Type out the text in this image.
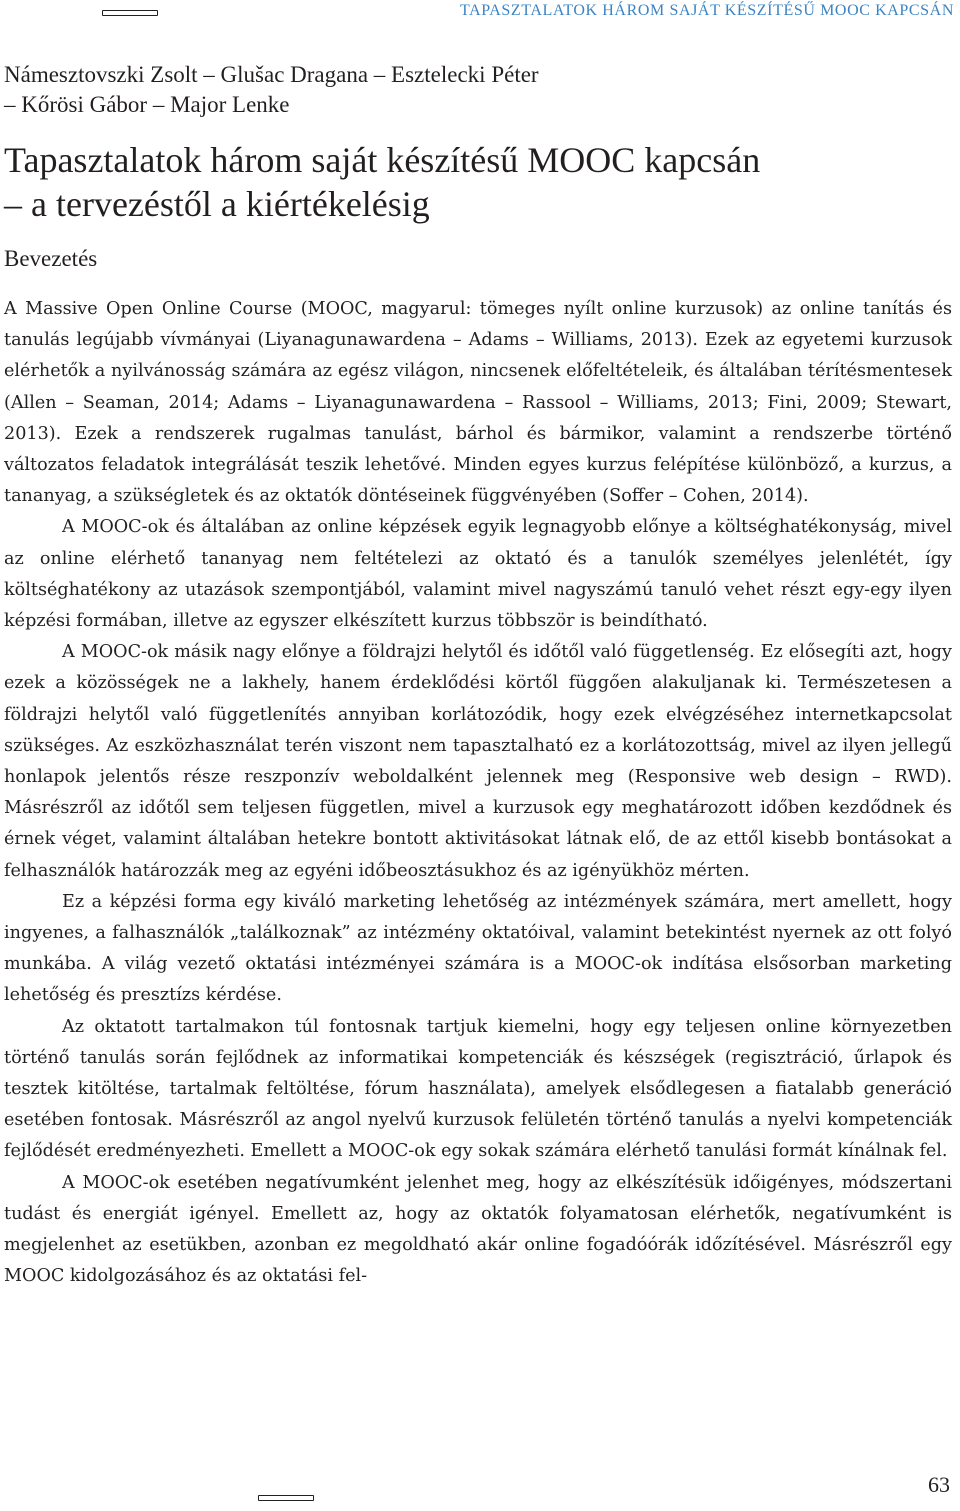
TAPASZTALATOK HÁROM SAJÁT KÉSZÍTÉSŰ MOOC KAPCSÁN
Námesztovszki Zsolt – Glušac Dragana – Esztelecki Péter
– Kőrösi Gábor – Major Lenke
Tapasztalatok három saját készítésű MOOC kapcsán
– a tervezéstől a kiértékelésig
Bevezetés

A Massive Open Online Course (MOOC, magyarul: tömeges nyílt online kurzusok) az online tanítás és tanulás legújabb vívmányai (Liyanagunawardena – Adams – Williams, 2013). Ezek az egyetemi kurzusok elérhetők a nyilvánosság számára az egész világon, nincsenek előfeltételeik, és általában térítésmentesek (Allen – Seaman, 2014; Adams – Liyanagunawardena – Rassool – Williams, 2013; Fini, 2009; Stewart, 2013). Ezek a rendszerek rugalmas tanulást, bárhol és bármikor, valamint a rendszerbe történő változatos feladatok integrálását teszik lehetővé. Minden egyes kurzus felépítése különböző, a kurzus, a tananyag, a szükségletek és az oktatók döntéseinek függvényében (Soffer – Cohen, 2014).

A MOOC-ok és általában az online képzések egyik legnagyobb előnye a költséghatékonyság, mivel az online elérhető tananyag nem feltételezi az oktató és a tanulók személyes jelenlétét, így költséghatékony az utazások szempontjából, valamint mivel nagyszámú tanuló vehet részt egy-egy ilyen képzési formában, illetve az egyszer elkészített kurzus többször is beindítható.

A MOOC-ok másik nagy előnye a földrajzi helytől és időtől való függetlenség. Ez elősegíti azt, hogy ezek a közösségek ne a lakhely, hanem érdeklődési körtől függően alakuljanak ki. Természetesen a földrajzi helytől való függetlenítés annyiban korlátozódik, hogy ezek elvégzéséhez internetkapcsolat szükséges. Az eszközhasználat terén viszont nem tapasztalható ez a korlátozottság, mivel az ilyen jellegű honlapok jelentős része reszponzív weboldalként jelennek meg (Responsive web design – RWD). Másrészről az időtől sem teljesen független, mivel a kurzusok egy meghatározott időben kezdődnek és érnek véget, valamint általában hetekre bontott aktivitásokat látnak elő, de az ettől kisebb bontásokat a felhasználók határozzák meg az egyéni időbeosztásukhoz és az igényükhöz mérten.

Ez a képzési forma egy kiváló marketing lehetőség az intézmények számára, mert amellett, hogy ingyenes, a falhasználók „találkoznak” az intézmény oktatóival, valamint betekintést nyernek az ott folyó munkába. A világ vezető oktatási intézményei számára is a MOOC-ok indítása elsősorban marketing lehetőség és presztízs kérdése.

Az oktatott tartalmakon túl fontosnak tartjuk kiemelni, hogy egy teljesen online környezetben történő tanulás során fejlődnek az informatikai kompetenciák és készségek (regisztráció, űrlapok és tesztek kitöltése, tartalmak feltöltése, fórum használata), amelyek elsődlegesen a fiatalabb generáció esetében fontosak. Másrészről az angol nyelvű kurzusok felületén történő tanulás a nyelvi kompetenciák fejlődését eredményezheti. Emellett a MOOC-ok egy sokak számára elérhető tanulási formát kínálnak fel.

A MOOC-ok esetében negatívumként jelenhet meg, hogy az elkészítésük időigényes, módszertani tudást és energiát igényel. Emellett az, hogy az oktatók folyamatosan elérhetők, negatívumként is megjelenhet az esetükben, azonban ez megoldható akár online fogadóórák időzítésével. Másrészről egy MOOC kidolgozásához és az oktatási fel-

63
